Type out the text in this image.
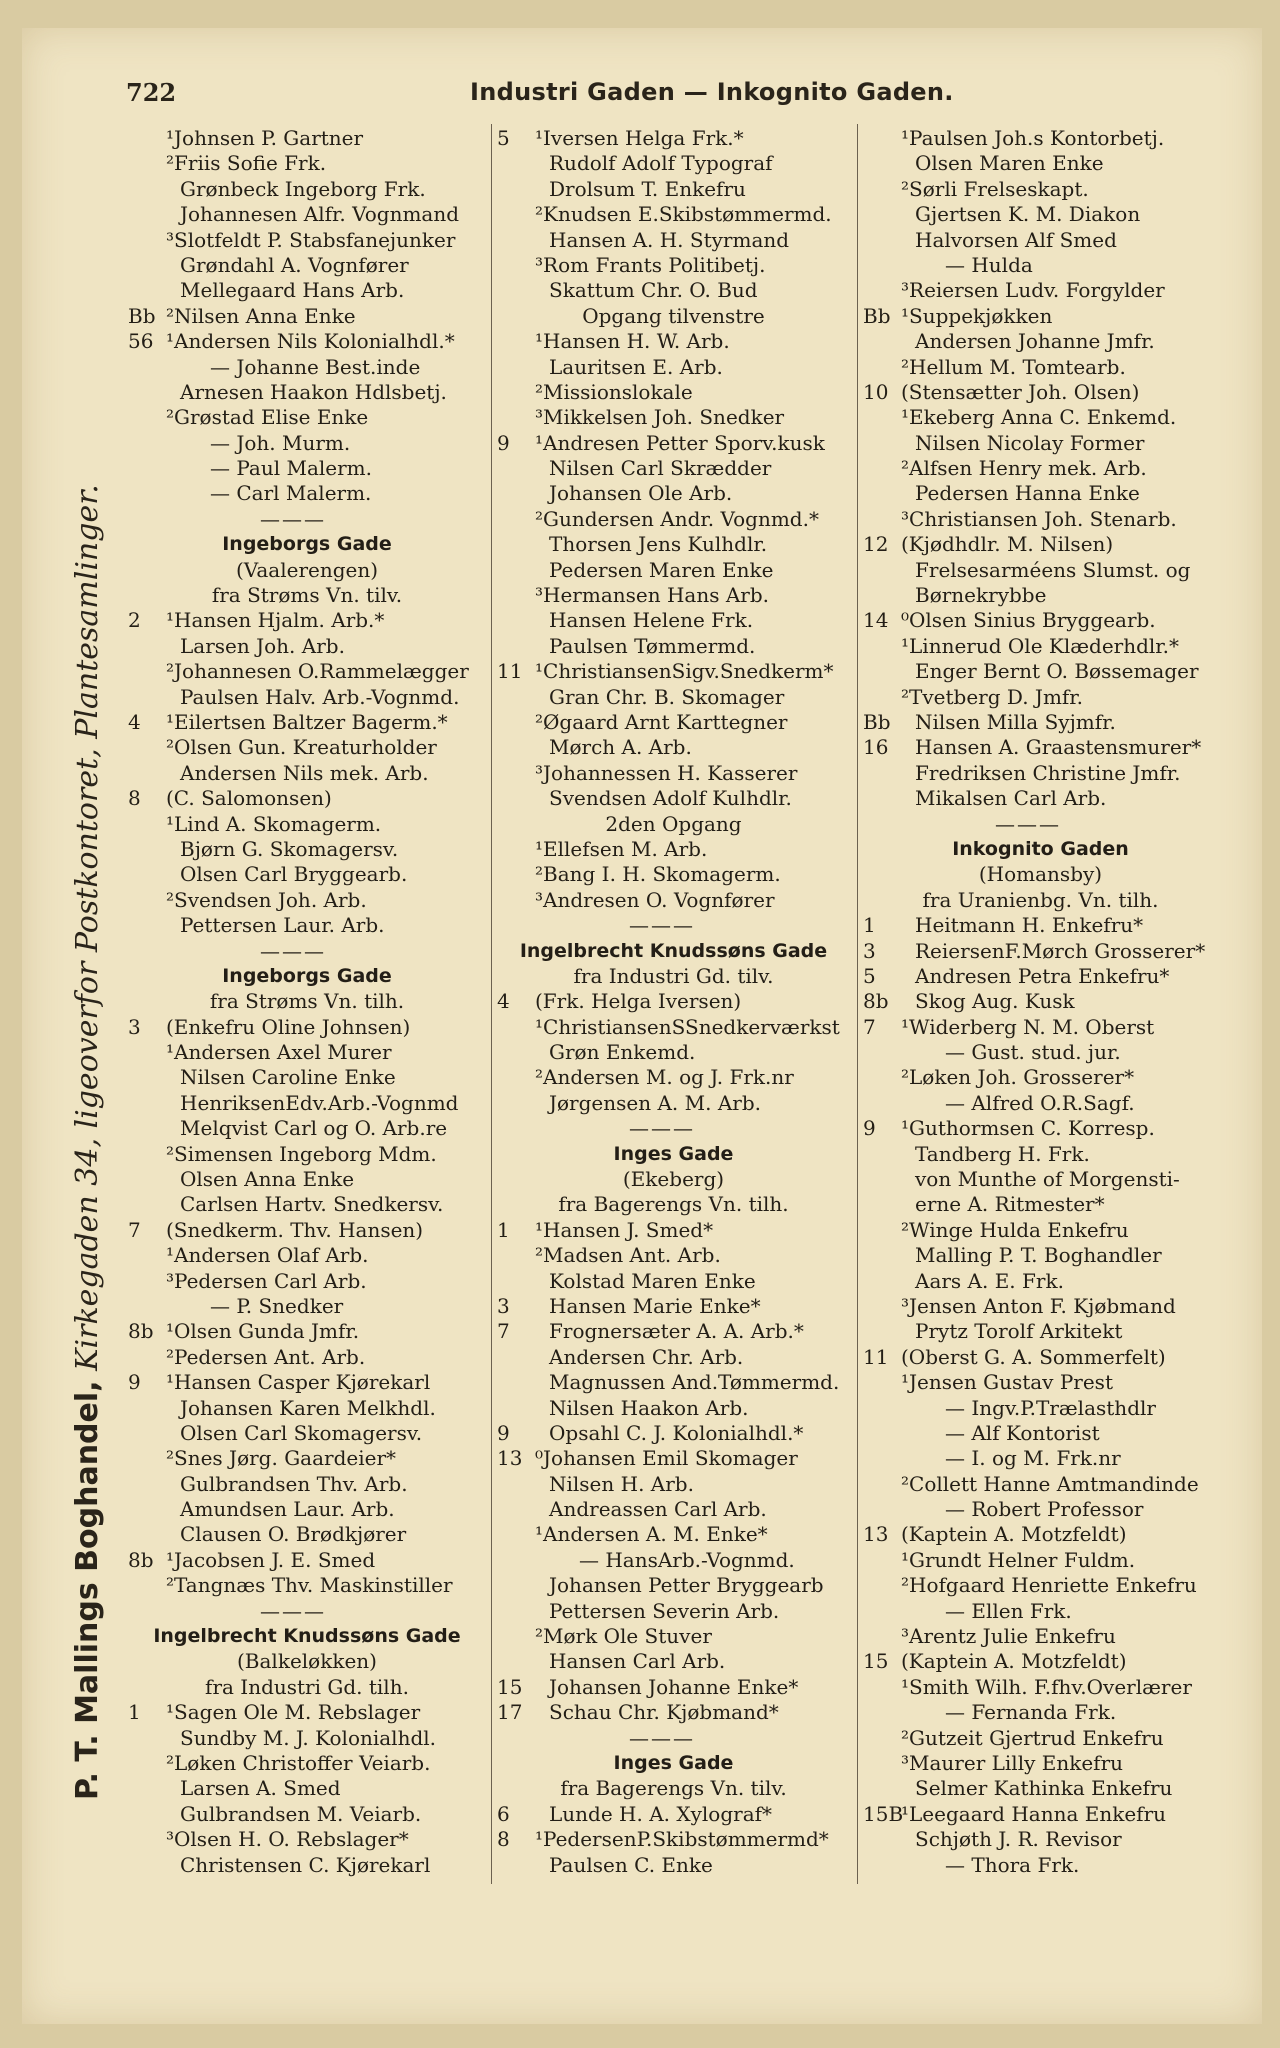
722	Industri Gaden — Inkognito Gaden.
P. T. Mallings Boghandel, Kirkegaden 34, ligeoverfor Postkontoret, Plantesamlinger.
¹Johnsen P. Gartner
²Friis Sofie Frk.
Grønbeck Ingeborg Frk.
Johannesen Alfr. Vognmand
³Slotfeldt P. Stabsfanejunker
Grøndahl A. Vognfører
Mellegaard Hans Arb.
Bb ²Nilsen Anna Enke
56 ¹Andersen Nils Kolonialhdl.*
— Johanne Best.inde
Arnesen Haakon Hdlsbetj.
²Grøstad Elise Enke
— Joh. Murm.
— Paul Malerm.
— Carl Malerm.
———
Ingeborgs Gade
(Vaalerengen)
fra Strøms Vn. tilv.
2 ¹Hansen Hjalm. Arb.*
Larsen Joh. Arb.
²Johannesen O.Rammelægger
Paulsen Halv. Arb.-Vognmd.
4 ¹Eilertsen Baltzer Bagerm.*
²Olsen Gun. Kreaturholder
Andersen Nils mek. Arb.
8 (C. Salomonsen)
¹Lind A. Skomagerm.
Bjørn G. Skomagersv.
Olsen Carl Bryggearb.
²Svendsen Joh. Arb.
Pettersen Laur. Arb.
———
Ingeborgs Gade
fra Strøms Vn. tilh.
3 (Enkefru Oline Johnsen)
¹Andersen Axel Murer
Nilsen Caroline Enke
HenriksenEdv.Arb.-Vognmd
Melqvist Carl og O. Arb.re
²Simensen Ingeborg Mdm.
Olsen Anna Enke
Carlsen Hartv. Snedkersv.
7 (Snedkerm. Thv. Hansen)
¹Andersen Olaf Arb.
³Pedersen Carl Arb.
— P. Snedker
8b ¹Olsen Gunda Jmfr.
²Pedersen Ant. Arb.
9 ¹Hansen Casper Kjørekarl
Johansen Karen Melkhdl.
Olsen Carl Skomagersv.
²Snes Jørg. Gaardeier*
Gulbrandsen Thv. Arb.
Amundsen Laur. Arb.
Clausen O. Brødkjører
8b ¹Jacobsen J. E. Smed
²Tangnæs Thv. Maskinstiller
———
Ingelbrecht Knudssøns Gade
(Balkeløkken)
fra Industri Gd. tilh.
1 ¹Sagen Ole M. Rebslager
Sundby M. J. Kolonialhdl.
²Løken Christoffer Veiarb.
Larsen A. Smed
Gulbrandsen M. Veiarb.
³Olsen H. O. Rebslager*
Christensen C. Kjørekarl
5 ¹Iversen Helga Frk.*
Rudolf Adolf Typograf
Drolsum T. Enkefru
²Knudsen E.Skibstømmermd.
Hansen A. H. Styrmand
³Rom Frants Politibetj.
Skattum Chr. O. Bud
Opgang tilvenstre
¹Hansen H. W. Arb.
Lauritsen E. Arb.
²Missionslokale
³Mikkelsen Joh. Snedker
9 ¹Andresen Petter Sporv.kusk
Nilsen Carl Skrædder
Johansen Ole Arb.
²Gundersen Andr. Vognmd.*
Thorsen Jens Kulhdlr.
Pedersen Maren Enke
³Hermansen Hans Arb.
Hansen Helene Frk.
Paulsen Tømmermd.
11 ¹ChristiansenSigv.Snedkerm*
Gran Chr. B. Skomager
²Øgaard Arnt Karttegner
Mørch A. Arb.
³Johannessen H. Kasserer
Svendsen Adolf Kulhdlr.
2den Opgang
¹Ellefsen M. Arb.
²Bang I. H. Skomagerm.
³Andresen O. Vognfører
———
Ingelbrecht Knudssøns Gade
fra Industri Gd. tilv.
4 (Frk. Helga Iversen)
¹ChristiansenSSnedkerværkst
Grøn Enkemd.
²Andersen M. og J. Frk.nr
Jørgensen A. M. Arb.
———
Inges Gade
(Ekeberg)
fra Bagerengs Vn. tilh.
1 ¹Hansen J. Smed*
²Madsen Ant. Arb.
Kolstad Maren Enke
3 Hansen Marie Enke*
7 Frognersæter A. A. Arb.*
Andersen Chr. Arb.
Magnussen And.Tømmermd.
Nilsen Haakon Arb.
9 Opsahl C. J. Kolonialhdl.*
13 ⁰Johansen Emil Skomager
Nilsen H. Arb.
Andreassen Carl Arb.
¹Andersen A. M. Enke*
— HansArb.-Vognmd.
Johansen Petter Bryggearb
Pettersen Severin Arb.
²Mørk Ole Stuver
Hansen Carl Arb.
15 Johansen Johanne Enke*
17 Schau Chr. Kjøbmand*
———
Inges Gade
fra Bagerengs Vn. tilv.
6 Lunde H. A. Xylograf*
8 ¹PedersenP.Skibstømmermd*
Paulsen C. Enke
¹Paulsen Joh.s Kontorbetj.
Olsen Maren Enke
²Sørli Frelseskapt.
Gjertsen K. M. Diakon
Halvorsen Alf Smed
— Hulda
³Reiersen Ludv. Forgylder
Bb ¹Suppekjøkken
Andersen Johanne Jmfr.
²Hellum M. Tomtearb.
10 (Stensætter Joh. Olsen)
¹Ekeberg Anna C. Enkemd.
Nilsen Nicolay Former
²Alfsen Henry mek. Arb.
Pedersen Hanna Enke
³Christiansen Joh. Stenarb.
12 (Kjødhdlr. M. Nilsen)
Frelsesarméens Slumst. og
Børnekrybbe
14 ⁰Olsen Sinius Bryggearb.
¹Linnerud Ole Klæderhdlr.*
Enger Bernt O. Bøssemager
²Tvetberg D. Jmfr.
Bb Nilsen Milla Syjmfr.
16 Hansen A. Graastensmurer*
Fredriksen Christine Jmfr.
Mikalsen Carl Arb.
———
Inkognito Gaden
(Homansby)
fra Uranienbg. Vn. tilh.
1 Heitmann H. Enkefru*
3 ReiersenF.Mørch Grosserer*
5 Andresen Petra Enkefru*
8b Skog Aug. Kusk
7 ¹Widerberg N. M. Oberst
— Gust. stud. jur.
²Løken Joh. Grosserer*
— Alfred O.R.Sagf.
9 ¹Guthormsen C. Korresp.
Tandberg H. Frk.
von Munthe of Morgensti-
erne A. Ritmester*
²Winge Hulda Enkefru
Malling P. T. Boghandler
Aars A. E. Frk.
³Jensen Anton F. Kjøbmand
Prytz Torolf Arkitekt
11 (Oberst G. A. Sommerfelt)
¹Jensen Gustav Prest
— Ingv.P.Trælasthdlr
— Alf Kontorist
— I. og M. Frk.nr
²Collett Hanne Amtmandinde
— Robert Professor
13 (Kaptein A. Motzfeldt)
¹Grundt Helner Fuldm.
²Hofgaard Henriette Enkefru
— Ellen Frk.
³Arentz Julie Enkefru
15 (Kaptein A. Motzfeldt)
¹Smith Wilh. F.fhv.Overlærer
— Fernanda Frk.
²Gutzeit Gjertrud Enkefru
³Maurer Lilly Enkefru
Selmer Kathinka Enkefru
15B
¹Leegaard Hanna Enkefru
Schjøth J. R. Revisor
— Thora Frk.
